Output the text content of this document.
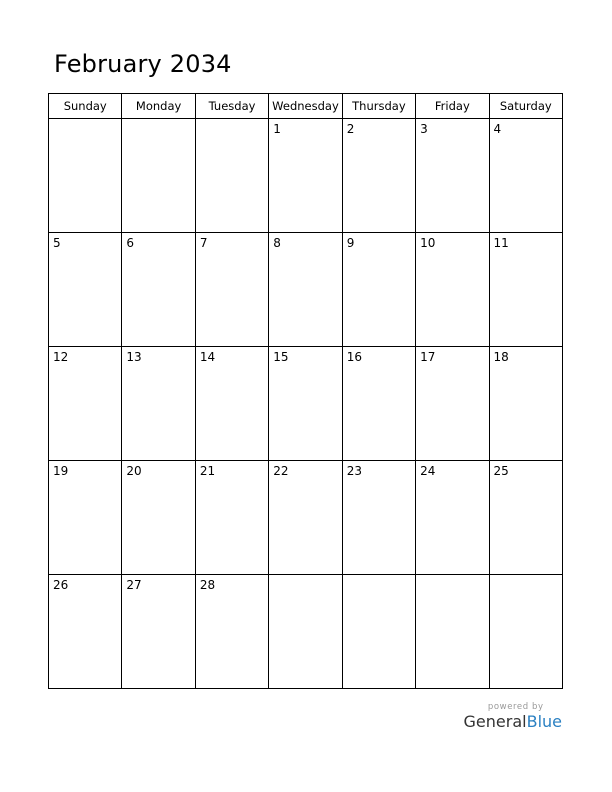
February 2034
Sunday	Monday	Tuesday	Wednesday	Thursday	Friday	Saturday

			1	2	3	4

5	6	7	8	9	10	11

12	13	14	15	16	17	18

19	20	21	22	23	24	25

26	27	28				

powered by
GeneralBlue
